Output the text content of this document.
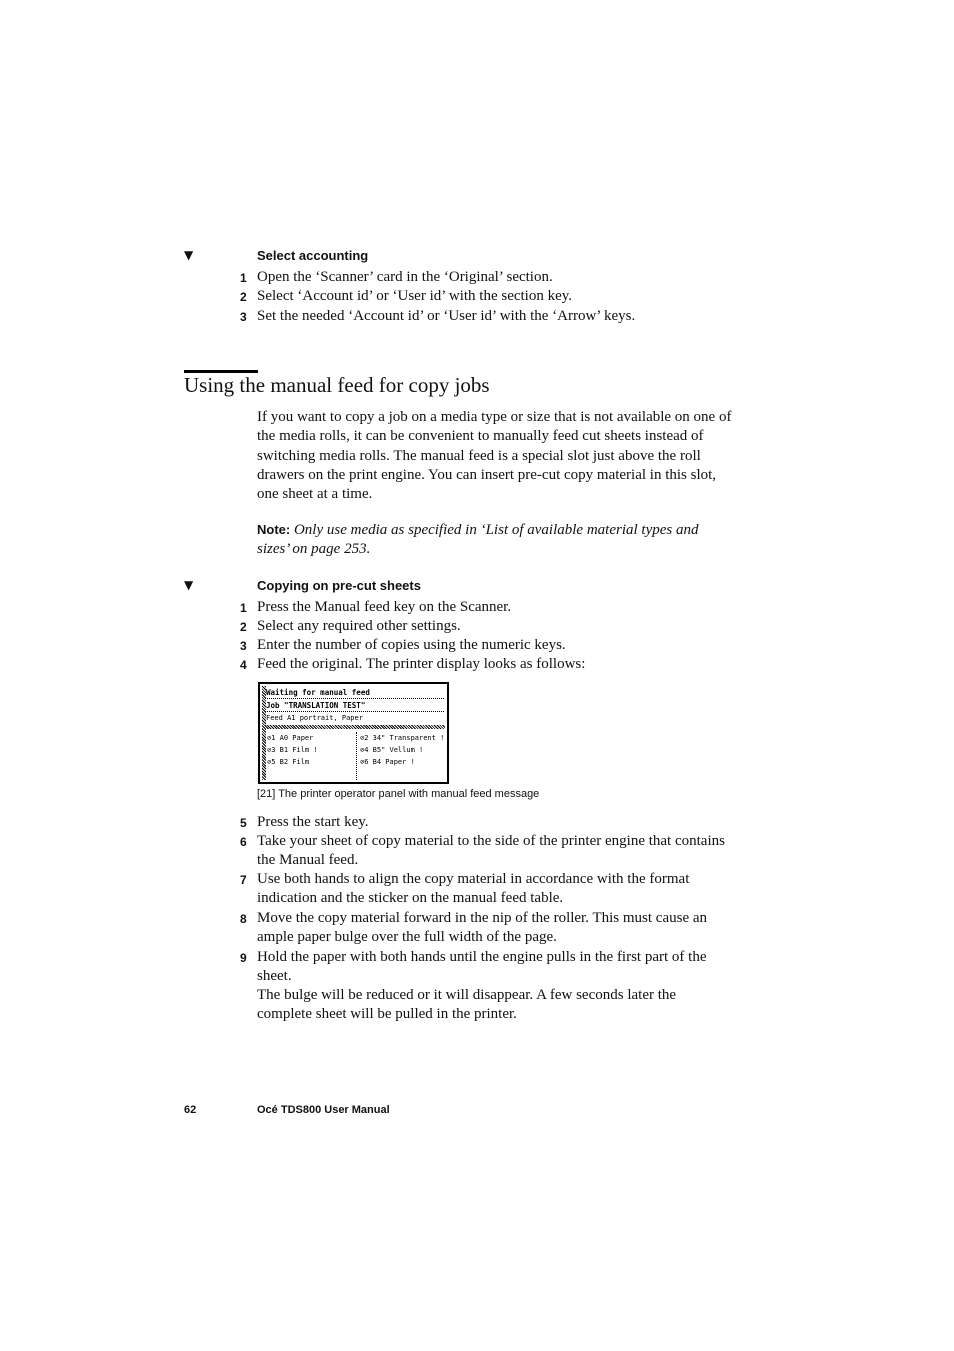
▼	Select accounting
1 Open the ‘Scanner’ card in the ‘Original’ section.
2 Select ‘Account id’ or ‘User id’ with the section key.
3 Set the needed ‘Account id’ or ‘User id’ with the ‘Arrow’ keys.
Using the manual feed for copy jobs
If you want to copy a job on a media type or size that is not available on one of the media rolls, it can be convenient to manually feed cut sheets instead of switching media rolls. The manual feed is a special slot just above the roll drawers on the print engine. You can insert pre-cut copy material in this slot, one sheet at a time.
Note: Only use media as specified in ‘List of available material types and sizes’ on page 253.
▼	Copying on pre-cut sheets
1 Press the Manual feed key on the Scanner.
2 Select any required other settings.
3 Enter the number of copies using the numeric keys.
4 Feed the original. The printer display looks as follows:
Waiting for manual feed
Job "TRANSLATION TEST"
Feed A1 portrait, Paper
⊘1 A0 Paper
⊘3 B1 Film !
⊘5 B2 Film
⊘2 34" Transparent !
⊘4 B5" Vellum !
⊘6 B4 Paper !
[21] The printer operator panel with manual feed message
5 Press the start key.
6 Take your sheet of copy material to the side of the printer engine that contains the Manual feed.
7 Use both hands to align the copy material in accordance with the format indication and the sticker on the manual feed table.
8 Move the copy material forward in the nip of the roller. This must cause an ample paper bulge over the full width of the page.
9 Hold the paper with both hands until the engine pulls in the first part of the sheet.
The bulge will be reduced or it will disappear. A few seconds later the complete sheet will be pulled in the printer.
62	Océ TDS800 User Manual
